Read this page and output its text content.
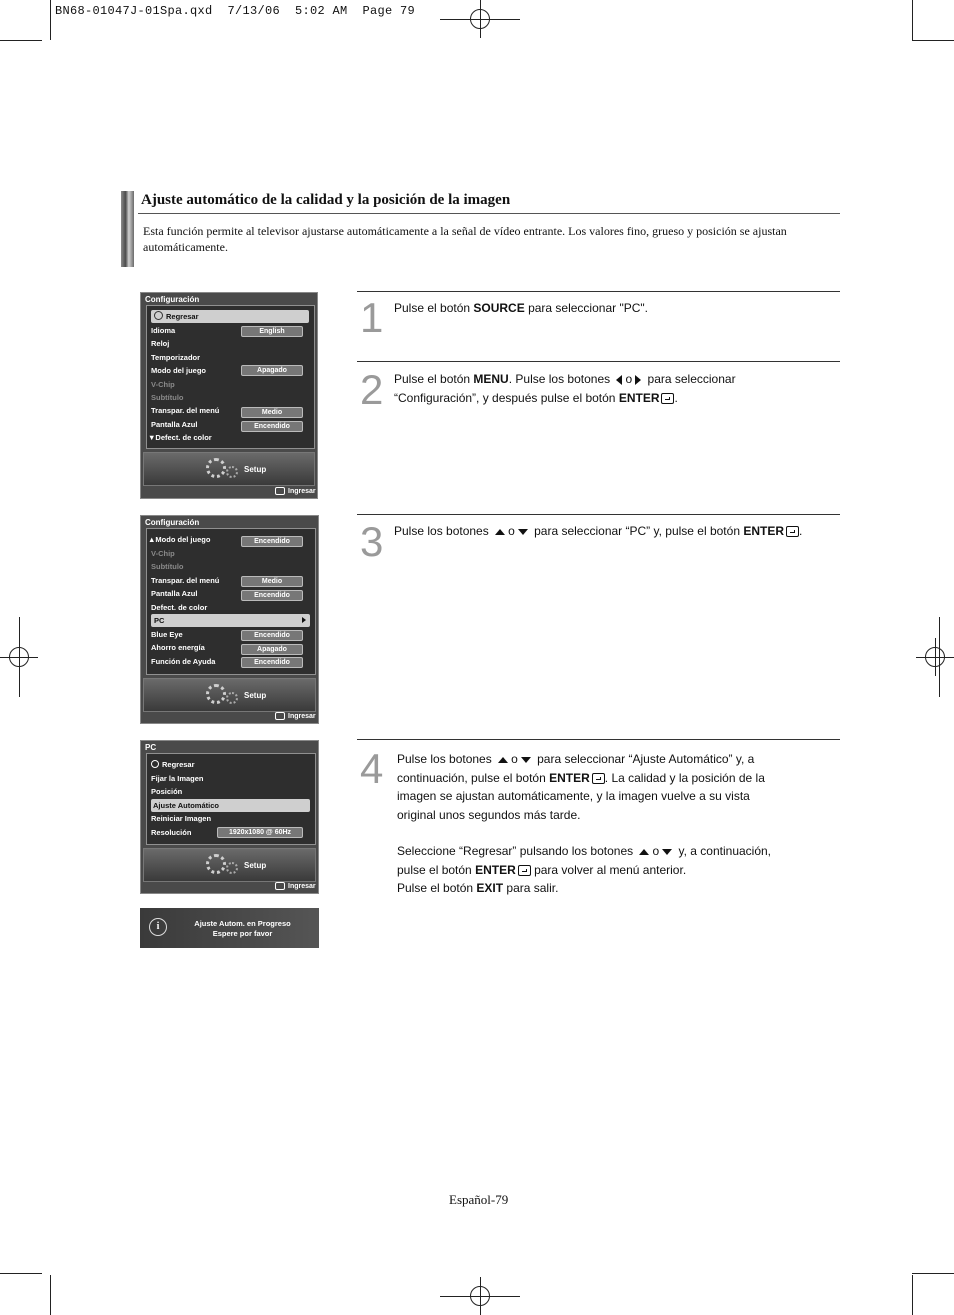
BN68-01047J-01Spa.qxd  7/13/06  5:02 AM  Page 79
Ajuste automático de la calidad y la posición de la imagen
Esta función permite al televisor ajustarse automáticamente a la señal de vídeo entrante. Los valores fino, grueso y posición se ajustan automáticamente.
Configuración
Regresar
Idioma	English
Reloj
Temporizador
Modo del juego	Apagado
V-Chip
Subtítulo
Transpar. del menú	Medio
Pantalla Azul	Encendido
▼Defect. de color
Setup
Ingresar
Configuración
▲Modo del juego	Encendido
V-Chip
Subtítulo
Transpar. del menú	Medio
Pantalla Azul	Encendido
Defect. de color
PC
Blue Eye	Encendido
Ahorro energía	Apagado
Función de Ayuda	Encendido
Setup
Ingresar
PC
Regresar
Fijar la Imagen
Posición
Ajuste Automático
Reiniciar Imagen
Resolución	1920x1080 @ 60Hz
Setup
Ingresar
i	Ajuste Autom. en Progreso
Espere por favor
1 Pulse el botón SOURCE para seleccionar "PC".
2 Pulse el botón MENU. Pulse los botones o para seleccionar
“Configuración”, y después pulse el botón ENTER .
3 Pulse los botones o para seleccionar “PC” y, pulse el botón ENTER .
4 Pulse los botones o para seleccionar “Ajuste Automático” y, a
continuación, pulse el botón ENTER . La calidad y la posición de la
imagen se ajustan automáticamente, y la imagen vuelve a su vista
original unos segundos más tarde.

Seleccione “Regresar” pulsando los botones o y, a continuación,
pulse el botón ENTER para volver al menú anterior.
Pulse el botón EXIT para salir.
Español-79
